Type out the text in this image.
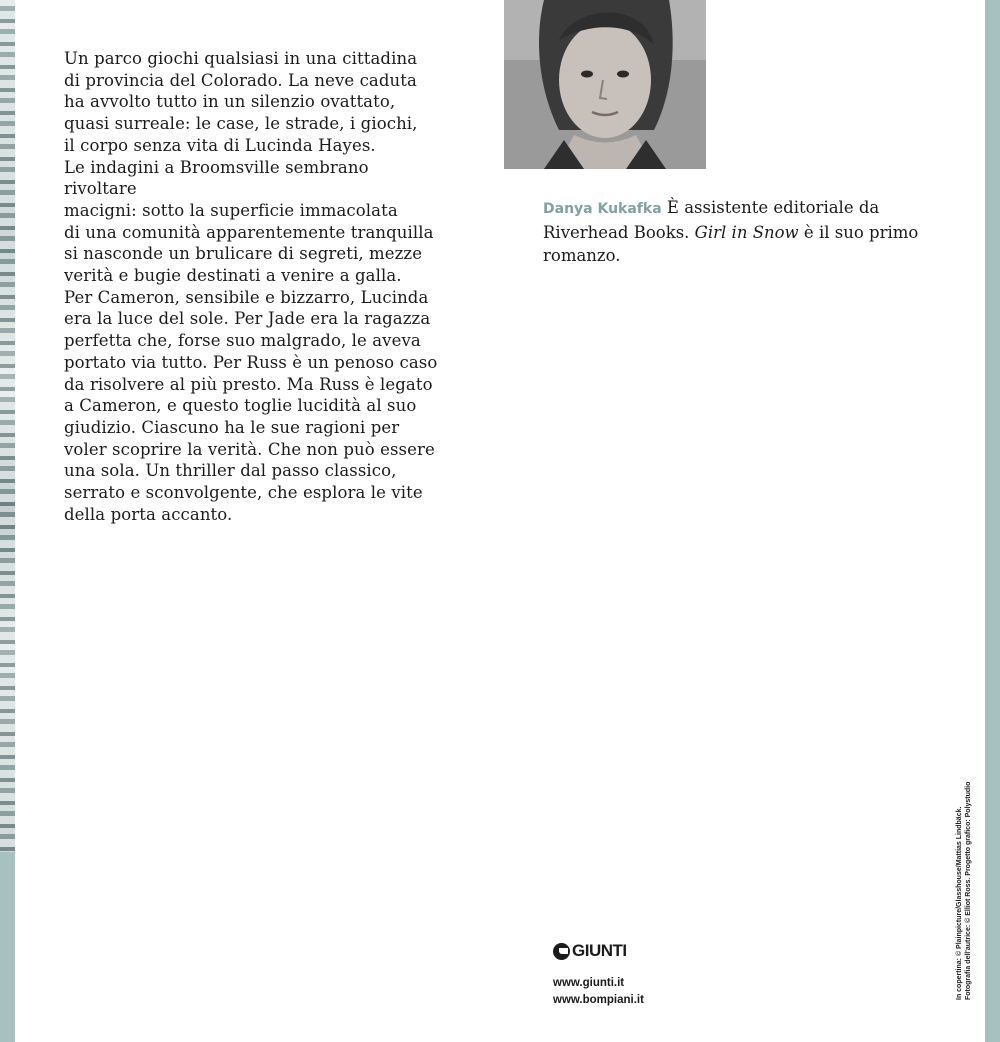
Un parco giochi qualsiasi in una cittadina
di provincia del Colorado. La neve caduta
ha avvolto tutto in un silenzio ovattato,
quasi surreale: le case, le strade, i giochi,
il corpo senza vita di Lucinda Hayes.
Le indagini a Broomsville sembrano rivoltare
macigni: sotto la superficie immacolata
di una comunità apparentemente tranquilla
si nasconde un brulicare di segreti, mezze
verità e bugie destinati a venire a galla.
Per Cameron, sensibile e bizzarro, Lucinda
era la luce del sole. Per Jade era la ragazza
perfetta che, forse suo malgrado, le aveva
portato via tutto. Per Russ è un penoso caso
da risolvere al più presto. Ma Russ è legato
a Cameron, e questo toglie lucidità al suo
giudizio. Ciascuno ha le sue ragioni per
voler scoprire la verità. Che non può essere
una sola. Un thriller dal passo classico,
serrato e sconvolgente, che esplora le vite
della porta accanto.

Danya Kukafka È assistente editoriale da Riverhead Books. Girl in Snow è il suo primo romanzo.

GIUNTI
www.giunti.it
www.bompiani.it	In copertina: © Plainpicture/Glasshouse/Mattias Lindbäck. Fotografia dell'autrice: © Elliot Ross. Progetto grafico: Polystudio
